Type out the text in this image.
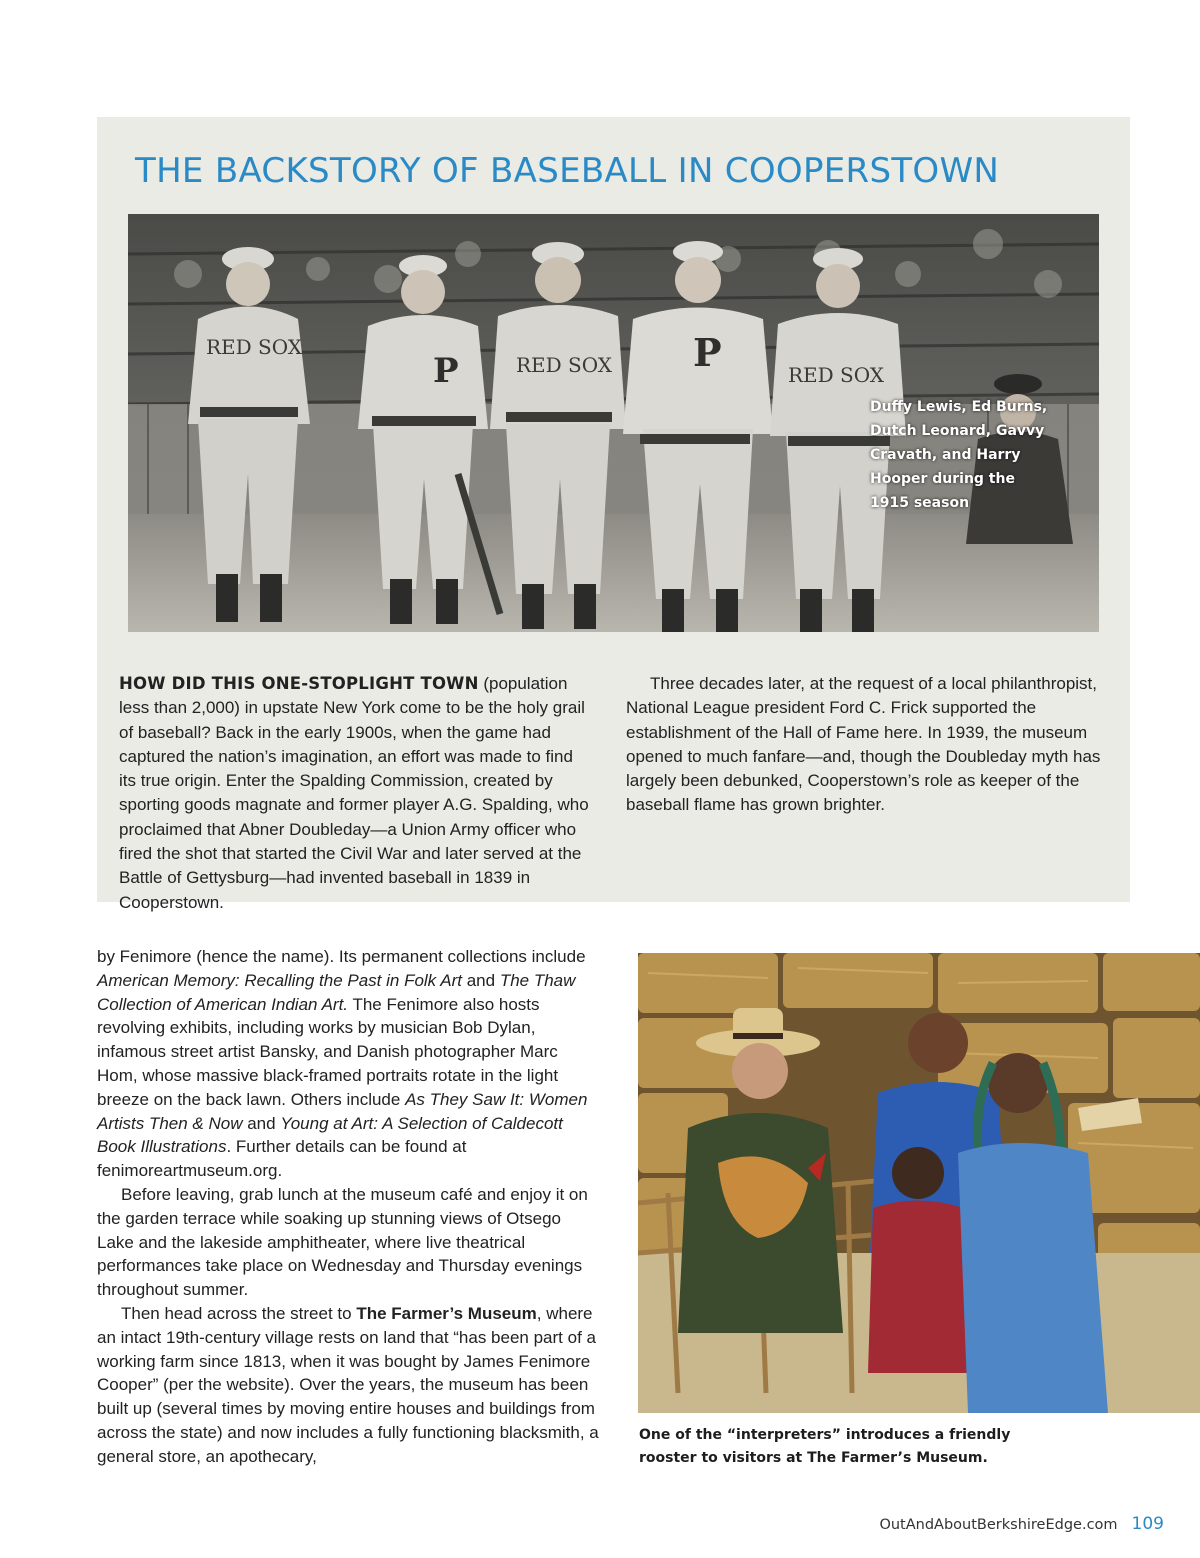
THE BACKSTORY OF BASEBALL IN COOPERSTOWN
RED SOX
P	RED SOX P	RED SOX
Duffy Lewis, Ed Burns, Dutch Leonard, Gavvy Cravath, and Harry Hooper during the 1915 season

HOW DID THIS ONE-STOPLIGHT TOWN (population less than 2,000) in upstate New York come to be the holy grail of baseball? Back in the early 1900s, when the game had captured the nation’s imagination, an effort was made to find its true origin. Enter the Spalding Commission, created by sporting goods magnate and former player A.G. Spalding, who proclaimed that Abner Doubleday—a Union Army officer who fired the shot that started the Civil War and later served at the Battle of Gettysburg—had invented baseball in 1839 in Cooperstown.

Three decades later, at the request of a local philanthropist, National League president Ford C. Frick supported the establishment of the Hall of Fame here. In 1939, the museum opened to much fanfare—and, though the Doubleday myth has largely been debunked, Cooperstown’s role as keeper of the baseball flame has grown brighter.

by Fenimore (hence the name). Its permanent collections include American Memory: Recalling the Past in Folk Art and The Thaw Collection of American Indian Art. The Fenimore also hosts revolving exhibits, including works by musician Bob Dylan, infamous street artist Bansky, and Danish photographer Marc Hom, whose massive black-framed portraits rotate in the light breeze on the back lawn. Others include As They Saw It: Women Artists Then & Now and Young at Art: A Selection of Caldecott Book Illustrations. Further details can be found at fenimoreartmuseum.org.

Before leaving, grab lunch at the museum café and enjoy it on the garden terrace while soaking up stunning views of Otsego Lake and the lakeside amphitheater, where live theatrical performances take place on Wednesday and Thursday evenings throughout summer.

Then head across the street to The Farmer’s Museum, where an intact 19th-century village rests on land that “has been part of a working farm since 1813, when it was bought by James Fenimore Cooper” (per the website). Over the years, the museum has been built up (several times by moving entire houses and buildings from across the state) and now includes a fully functioning blacksmith, a general store, an apothecary,

One of the “interpreters” introduces a friendly rooster to visitors at The Farmer’s Museum.
OutAndAboutBerkshireEdge.com 109
